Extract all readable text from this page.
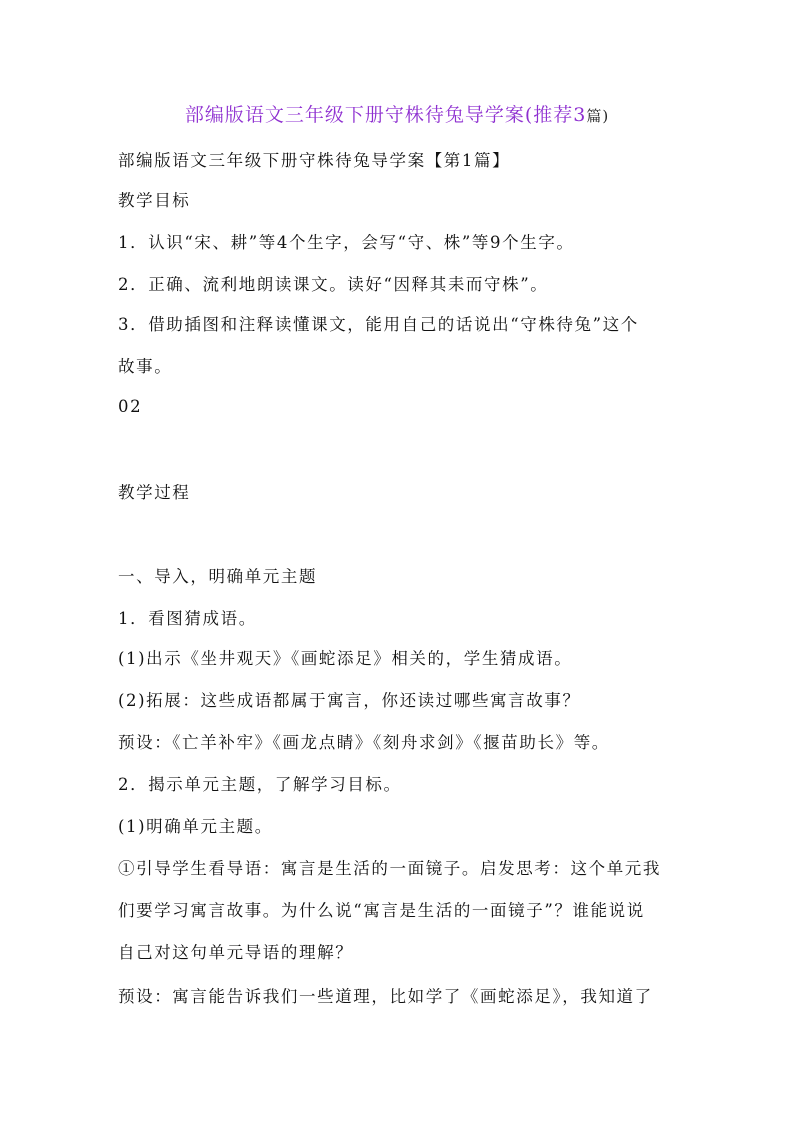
部编版语文三年级下册守株待兔导学案(推荐3篇)
部编版语文三年级下册守株待兔导学案【第1篇】
教学目标
1．认识“宋、耕”等4个生字，会写“守、株”等9个生字。
2．正确、流利地朗读课文。读好“因释其耒而守株”。
3．借助插图和注释读懂课文，能用自己的话说出“守株待兔”这个
故事。
02
教学过程
一、导入，明确单元主题
1．看图猜成语。
(1)出示《坐井观天》《画蛇添足》相关的，学生猜成语。
(2)拓展：这些成语都属于寓言，你还读过哪些寓言故事？
预设：《亡羊补牢》《画龙点睛》《刻舟求剑》《揠苗助长》等。
2．揭示单元主题，了解学习目标。
(1)明确单元主题。
①引导学生看导语：寓言是生活的一面镜子。启发思考：这个单元我
们要学习寓言故事。为什么说“寓言是生活的一面镜子”？谁能说说
自己对这句单元导语的理解？
预设：寓言能告诉我们一些道理，比如学了《画蛇添足》，我知道了
